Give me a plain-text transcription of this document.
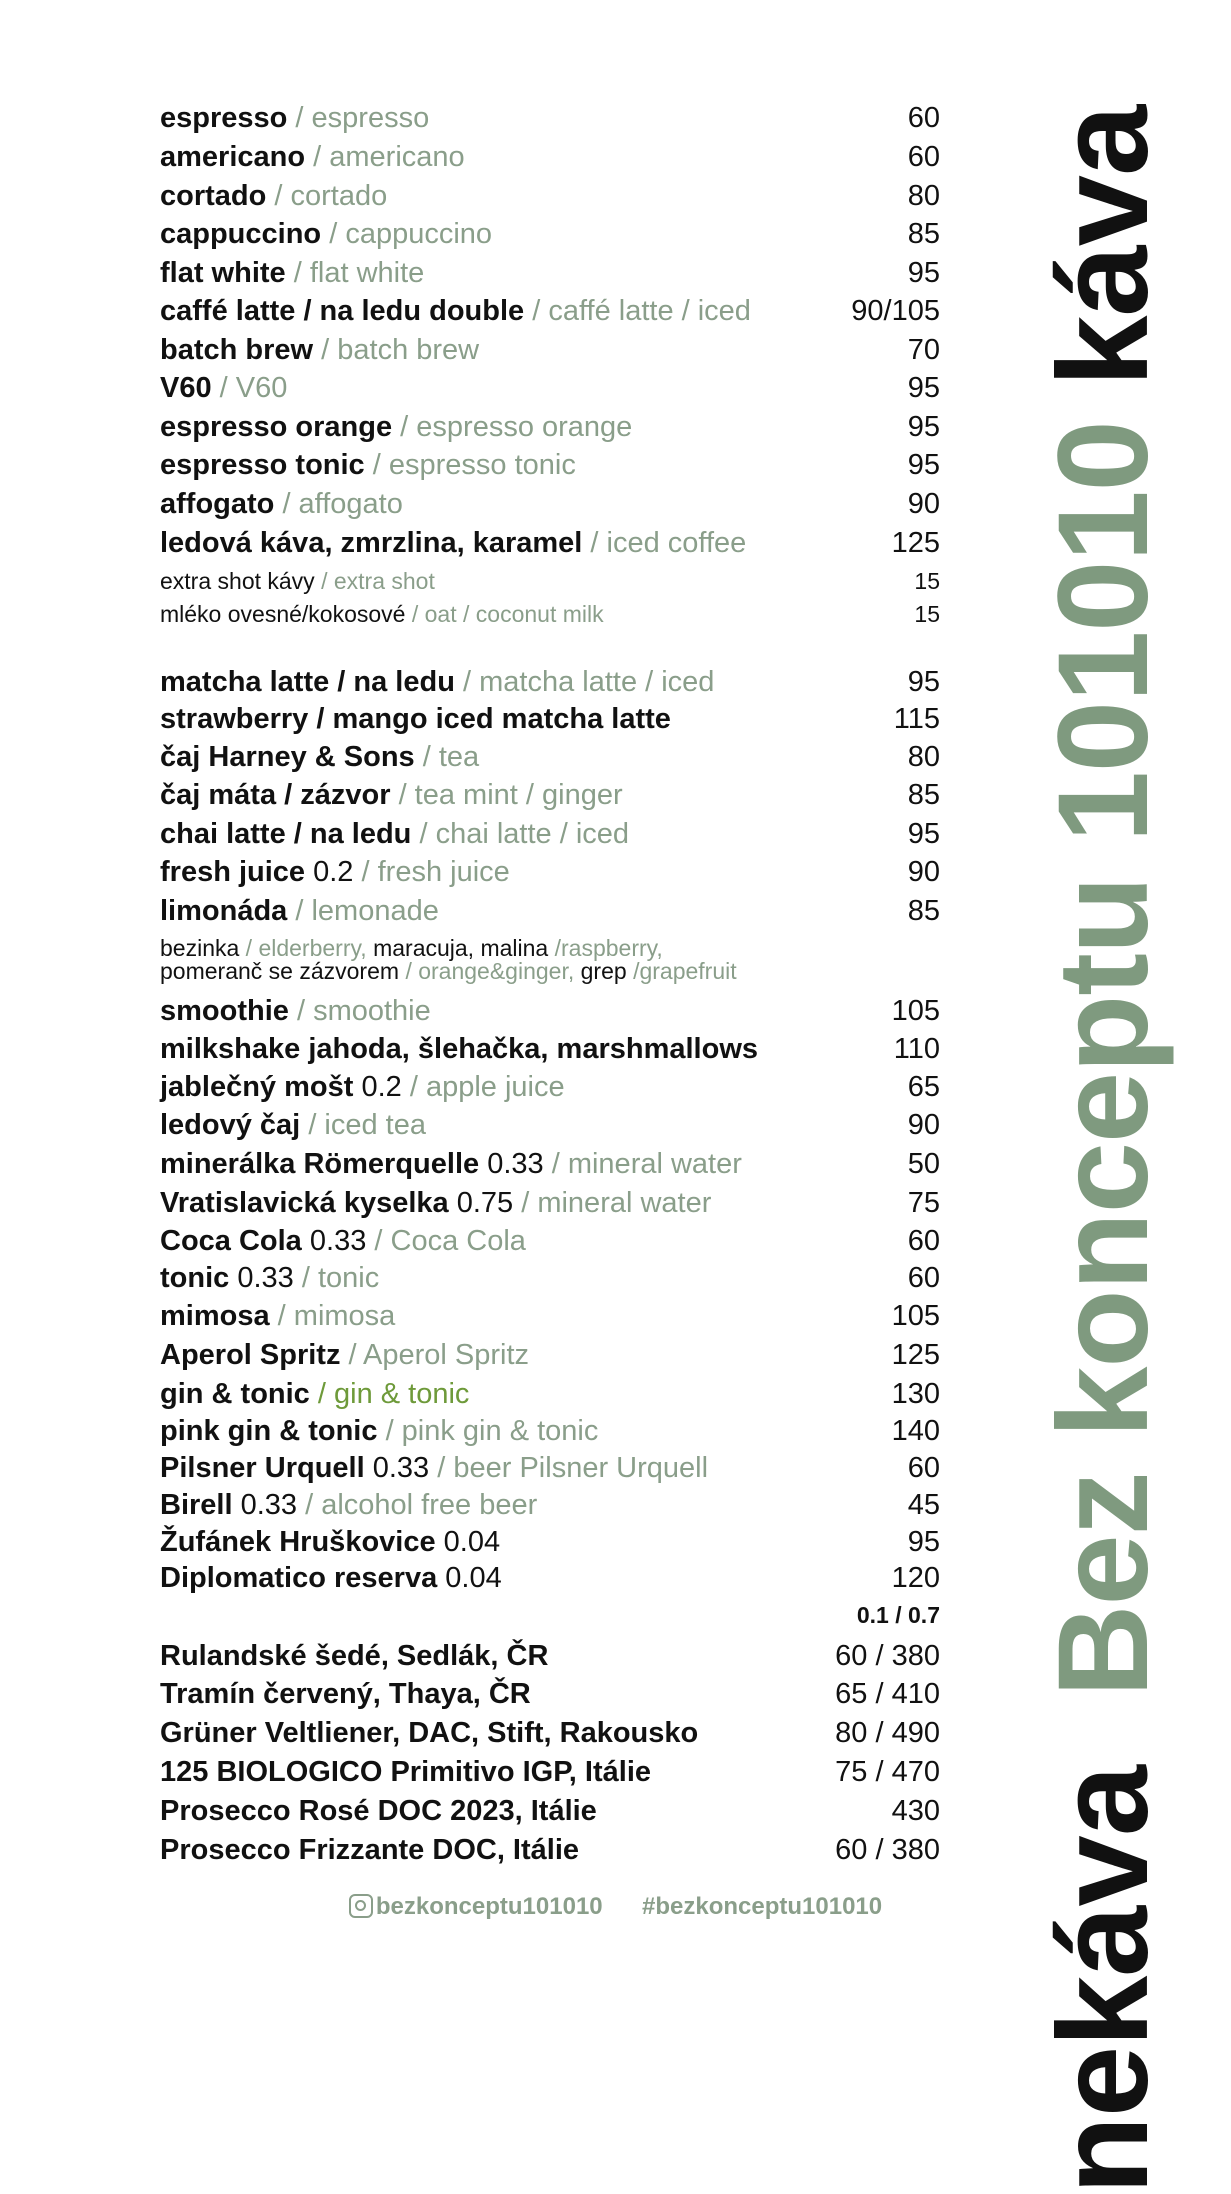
espresso / espresso	60
americano / americano	60
cortado / cortado	80
cappuccino / cappuccino	85
flat white / flat white	95
caffé latte / na ledu double / caffé latte / iced	90/105
batch brew / batch brew	70
V60 / V60	95
espresso orange / espresso orange	95
espresso tonic / espresso tonic	95
affogato / affogato	90
ledová káva, zmrzlina, karamel / iced coffee	125
extra shot kávy / extra shot	15
mléko ovesné/kokosové / oat / coconut milk	15
matcha latte / na ledu / matcha latte / iced	95
strawberry / mango iced matcha latte	115
čaj Harney & Sons / tea	80
čaj máta / zázvor / tea mint / ginger	85
chai latte / na ledu / chai latte / iced	95
fresh juice 0.2 / fresh juice	90
limonáda / lemonade	85
bezinka / elderberry, maracuja, malina /raspberry,
pomeranč se zázvorem / orange&ginger, grep /grapefruit
smoothie / smoothie	105
milkshake jahoda, šlehačka, marshmallows	110
jablečný mošt 0.2 / apple juice	65
ledový čaj / iced tea	90
minerálka Römerquelle 0.33 / mineral water	50
Vratislavická kyselka 0.75 / mineral water	75
Coca Cola 0.33 / Coca Cola	60
tonic 0.33 / tonic	60
mimosa / mimosa	105
Aperol Spritz / Aperol Spritz	125
gin & tonic / gin & tonic	130
pink gin & tonic / pink gin & tonic	140
Pilsner Urquell 0.33 / beer Pilsner Urquell	60
Birell 0.33 / alcohol free beer	45
Žufánek Hruškovice 0.04	95
Diplomatico reserva 0.04	120
0.1 / 0.7
Rulandské šedé, Sedlák, ČR	60 / 380
Tramín červený, Thaya, ČR	65 / 410
Grüner Veltliener, DAC, Stift, Rakousko	80 / 490
125 BIOLOGICO Primitivo IGP, Itálie	75 / 470
Prosecco Rosé DOC 2023, Itálie	430
Prosecco Frizzante DOC, Itálie	60 / 380 nekáva  Bez konceptu 101010 káva
bezkonceptu101010 #bezkonceptu101010
